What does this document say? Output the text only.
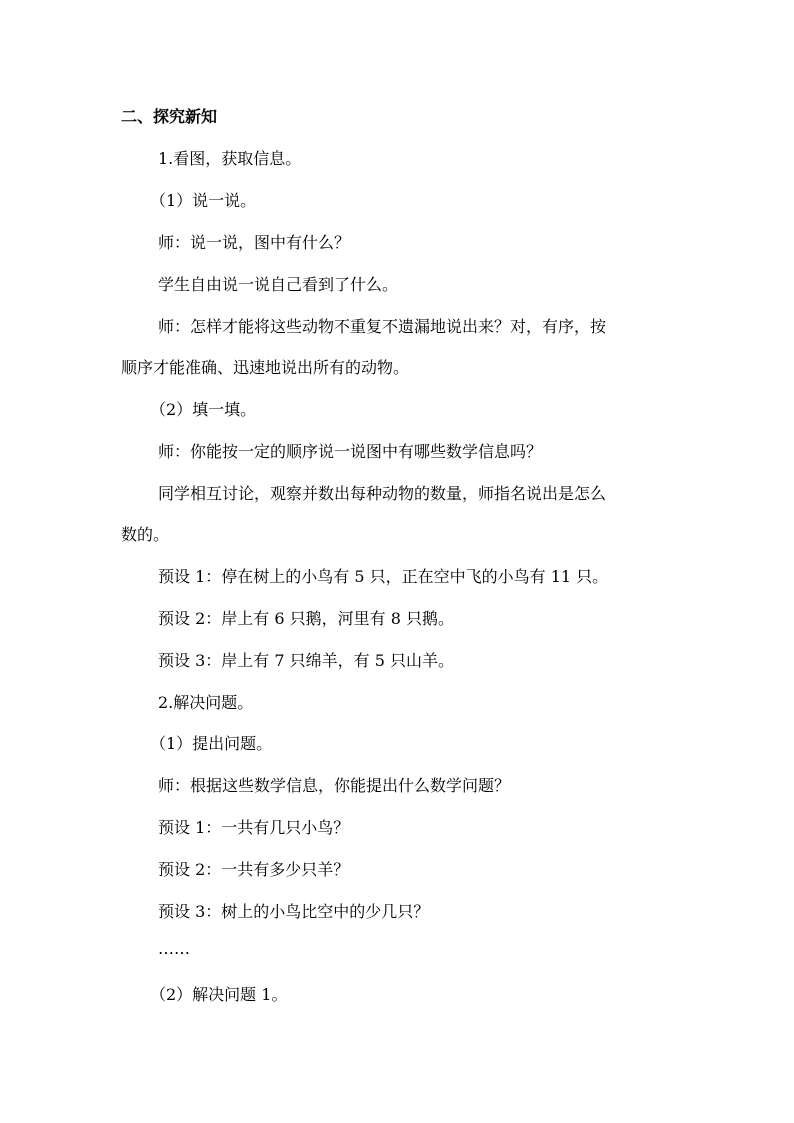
二、探究新知
1.看图，获取信息。
（1）说一说。
师：说一说，图中有什么？
学生自由说一说自己看到了什么。
师：怎样才能将这些动物不重复不遗漏地说出来？对，有序，按
顺序才能准确、迅速地说出所有的动物。
（2）填一填。
师：你能按一定的顺序说一说图中有哪些数学信息吗？
同学相互讨论，观察并数出每种动物的数量，师指名说出是怎么
数的。
预设 1：停在树上的小鸟有 5 只，正在空中飞的小鸟有 11 只。
预设 2：岸上有 6 只鹅，河里有 8 只鹅。
预设 3：岸上有 7 只绵羊，有 5 只山羊。
2.解决问题。
（1）提出问题。
师：根据这些数学信息，你能提出什么数学问题？
预设 1：一共有几只小鸟？
预设 2：一共有多少只羊？
预设 3：树上的小鸟比空中的少几只？
……
（2）解决问题 1。
